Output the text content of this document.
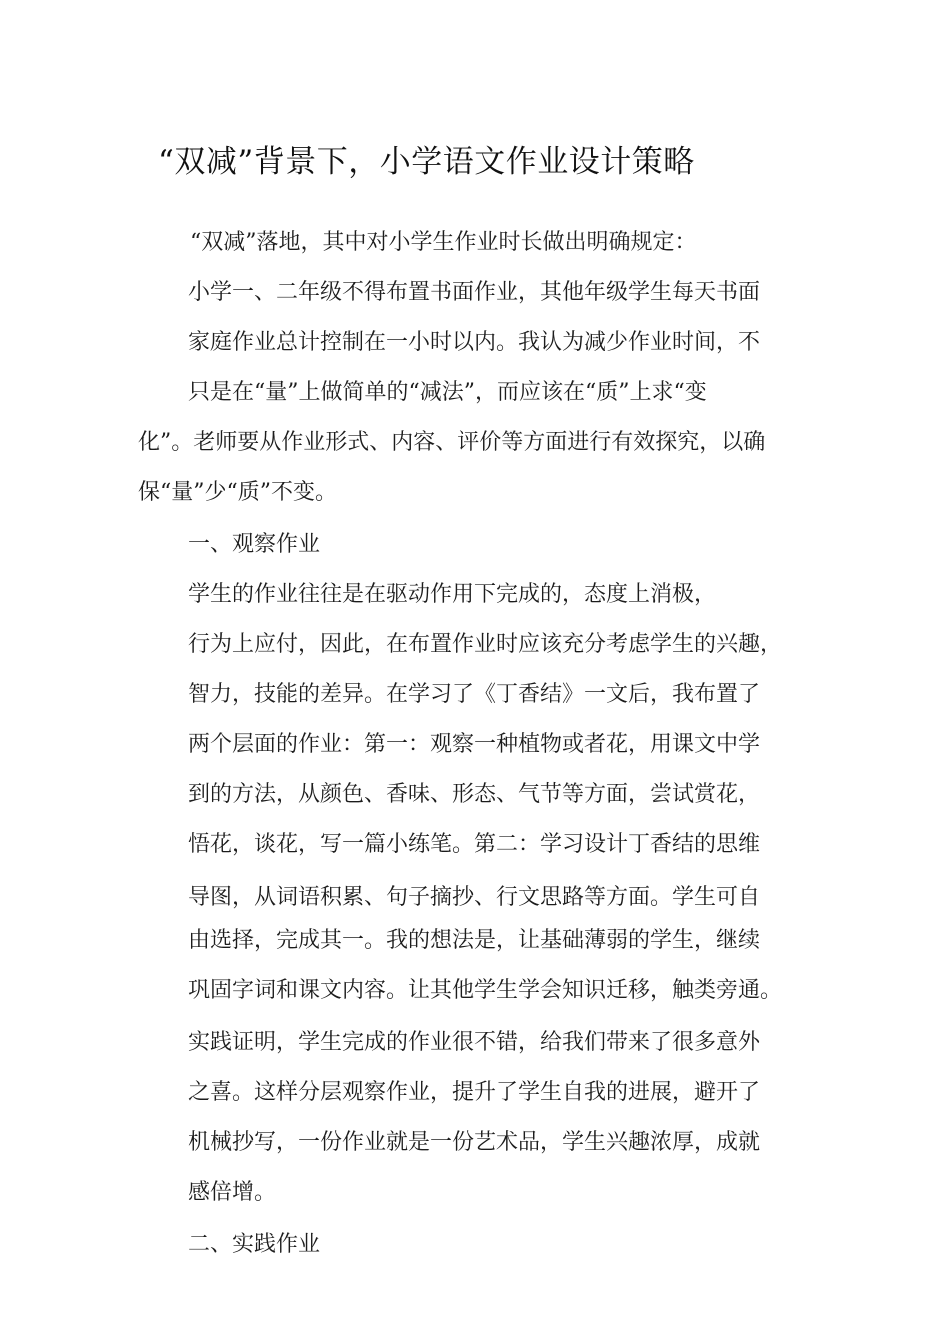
“双减”背景下，小学语文作业设计策略
“双减”落地，其中对小学生作业时长做出明确规定：
小学一、二年级不得布置书面作业，其他年级学生每天书面
家庭作业总计控制在一小时以内。我认为减少作业时间，不
只是在“量”上做简单的“减法”，而应该在“质”上求“变
化”。老师要从作业形式、内容、评价等方面进行有效探究，以确
保“量”少“质”不变。
一、观察作业
学生的作业往往是在驱动作用下完成的，态度上消极，
行为上应付，因此，在布置作业时应该充分考虑学生的兴趣，
智力，技能的差异。在学习了《丁香结》一文后，我布置了
两个层面的作业：第一：观察一种植物或者花，用课文中学
到的方法，从颜色、香味、形态、气节等方面，尝试赏花，
悟花，谈花，写一篇小练笔。第二：学习设计丁香结的思维
导图，从词语积累、句子摘抄、行文思路等方面。学生可自
由选择，完成其一。我的想法是，让基础薄弱的学生，继续
巩固字词和课文内容。让其他学生学会知识迁移，触类旁通。
实践证明，学生完成的作业很不错，给我们带来了很多意外
之喜。这样分层观察作业，提升了学生自我的进展，避开了
机械抄写，一份作业就是一份艺术品，学生兴趣浓厚，成就
感倍增。
二、实践作业
